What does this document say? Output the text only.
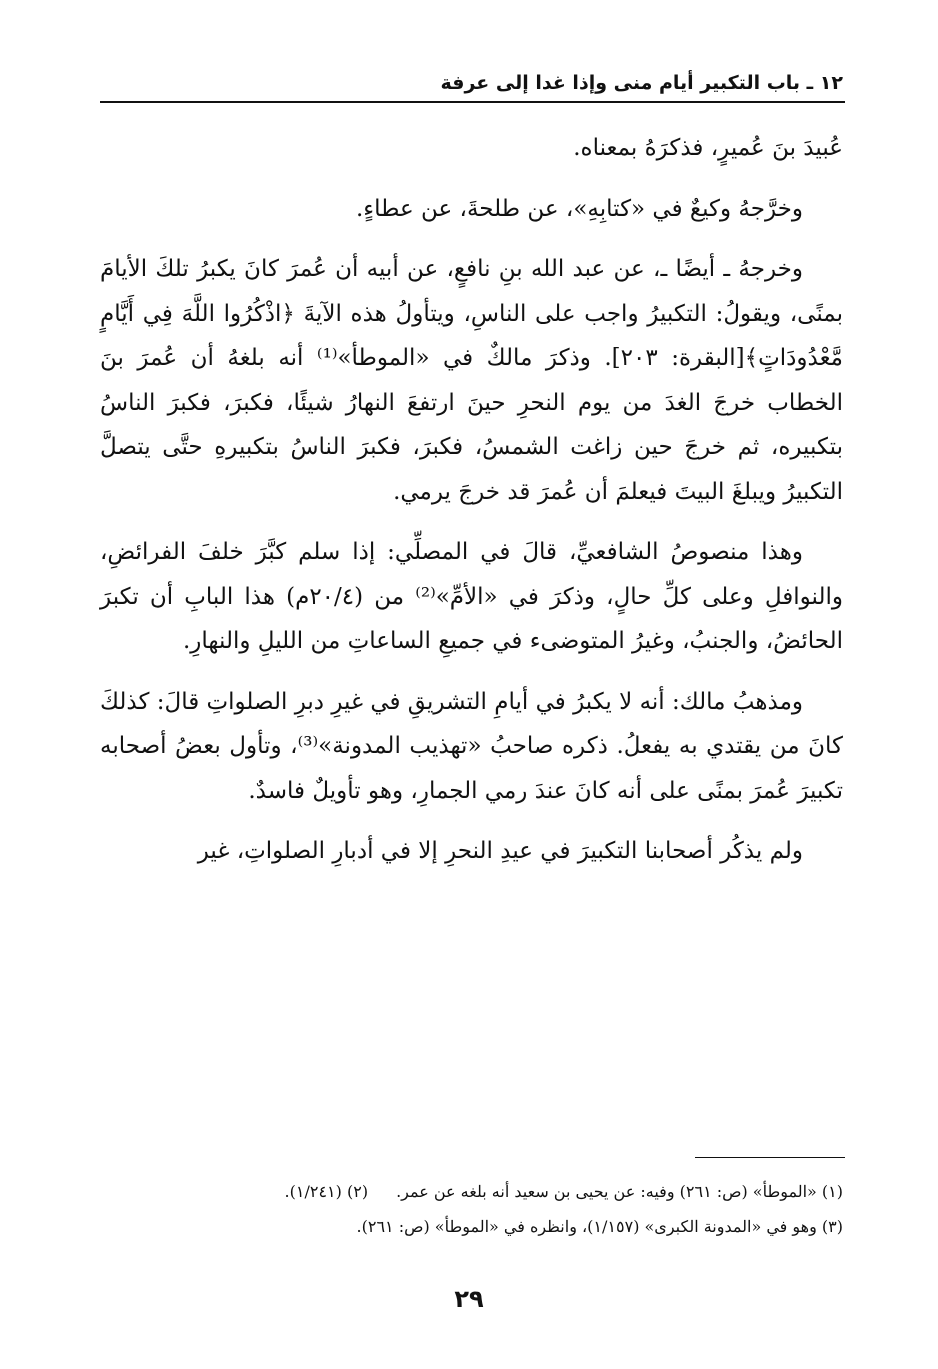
١٢ ـ باب التكبير أيام منى وإذا غدا إلى عرفة

عُبيدَ بنَ عُميرٍ، فذكرَهُ بمعناه.

وخرَّجهُ وكيعٌ في «كتابِهِ»، عن طلحةَ، عن عطاءٍ.

وخرجهُ ـ أيضًا ـ، عن عبد الله بنِ نافعٍ، عن أبيه أن عُمرَ كانَ يكبرُ تلكَ الأيامَ بمنًى، ويقولُ: التكبيرُ واجب على الناسِ، ويتأولُ هذه الآيةَ ﴿اذْكُرُوا اللَّهَ فِي أَيَّامٍ مَّعْدُودَاتٍ﴾[البقرة: ٢٠٣]. وذكرَ مالكٌ في «الموطأ»⁽¹⁾ أنه بلغهُ أن عُمرَ بنَ الخطاب خرجَ الغدَ من يوم النحرِ حينَ ارتفعَ النهارُ شيئًا، فكبرَ، فكبرَ الناسُ بتكبيره، ثم خرجَ حين زاغت الشمسُ، فكبرَ، فكبرَ الناسُ بتكبيرهِ حتَّى يتصلَّ التكبيرُ ويبلغَ البيتَ فيعلمَ أن عُمرَ قد خرجَ يرمي.

وهذا منصوصُ الشافعيِّ، قالَ في المصلِّي: إذا سلم كبَّرَ خلفَ الفرائضِ، والنوافلِ وعلى كلِّ حالٍ، وذكرَ في «الأمِّ»⁽²⁾ من (٢٠/٤م) هذا البابِ أن تكبرَ الحائضُ، والجنبُ، وغيرُ المتوضىء في جميعِ الساعاتِ من الليلِ والنهارِ.

ومذهبُ مالك: أنه لا يكبرُ في أيامِ التشريقِ في غيرِ دبرِ الصلواتِ قالَ: كذلكَ كانَ من يقتدي به يفعلُ. ذكره صاحبُ «تهذيب المدونة»⁽³⁾، وتأول بعضُ أصحابه تكبيرَ عُمرَ بمنًى على أنه كانَ عندَ رمي الجمارِ، وهو تأويلٌ فاسدٌ.

ولم يذكُر أصحابنا التكبيرَ في عيدِ النحرِ إلا في أدبارِ الصلواتِ، غير

(١) «الموطأ» (ص: ٢٦١) وفيه: عن يحيى بن سعيد أنه بلغه عن عمر.(٢) (١/٢٤١).

(٣) وهو في «المدونة الكبرى» (١/١٥٧)، وانظره في «الموطأ» (ص: ٢٦١).

٢٩
